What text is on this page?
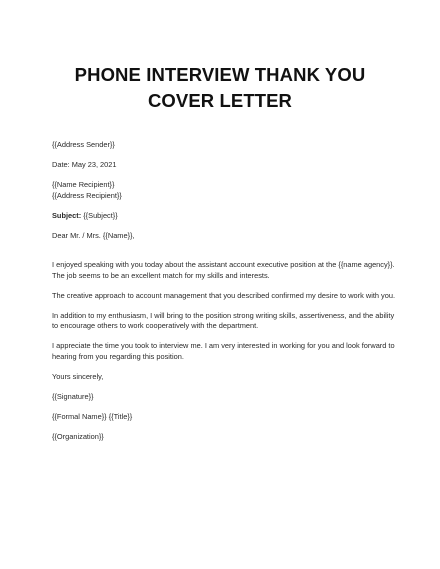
PHONE INTERVIEW THANK YOU COVER LETTER

{{Address Sender}}

Date: May 23, 2021

{{Name Recipient}}
{{Address Recipient}}

Subject: {{Subject}}

Dear Mr. / Mrs. {{Name}},

I enjoyed speaking with you today about the assistant account executive position at the {{name agency}}. The job seems to be an excellent match for my skills and interests.

The creative approach to account management that you described confirmed my desire to work with you.

In addition to my enthusiasm, I will bring to the position strong writing skills, assertiveness, and the ability to encourage others to work cooperatively with the department.

I appreciate the time you took to interview me. I am very interested in working for you and look forward to hearing from you regarding this position.

Yours sincerely,

{{Signature}}

{{Formal Name}} {{Title}}

{{Organization}}
